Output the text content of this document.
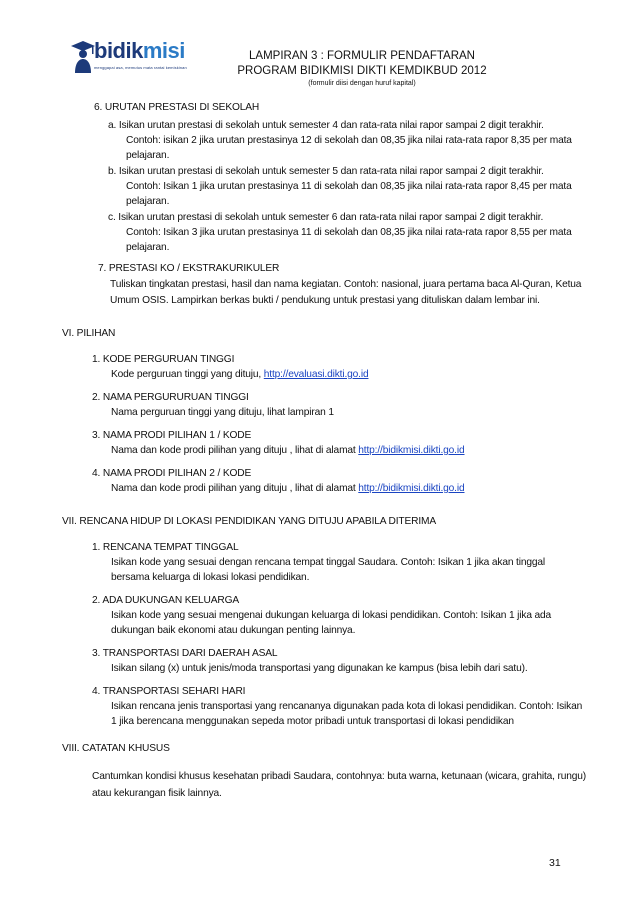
bidikmisi
menggapai asa, memutus mata rantai kemiskinan
LAMPIRAN 3 : FORMULIR PENDAFTARAN
PROGRAM BIDIKMISI DIKTI KEMDIKBUD 2012
(formulir diisi dengan huruf kapital)
6. URUTAN PRESTASI DI SEKOLAH
a. Isikan urutan prestasi di sekolah untuk semester 4 dan rata-rata nilai rapor sampai 2 digit terakhir.
Contoh: isikan 2 jika urutan prestasinya 12 di sekolah dan 08,35 jika nilai rata-rata rapor 8,35 per mata
pelajaran.
b. Isikan urutan prestasi di sekolah untuk semester 5 dan rata-rata nilai rapor sampai 2 digit terakhir.
Contoh: Isikan 1 jika urutan prestasinya 11 di sekolah dan 08,35 jika nilai rata-rata rapor 8,45 per mata
pelajaran.
c. Isikan urutan prestasi di sekolah untuk semester 6 dan rata-rata nilai rapor sampai 2 digit terakhir.
Contoh: Isikan 3 jika urutan prestasinya 11 di sekolah dan 08,35 jika nilai rata-rata rapor 8,55 per mata
pelajaran.
7. PRESTASI KO / EKSTRAKURIKULER
Tuliskan tingkatan prestasi, hasil dan nama kegiatan. Contoh: nasional, juara pertama baca Al-Quran, Ketua
Umum OSIS. Lampirkan berkas bukti / pendukung untuk prestasi yang dituliskan dalam lembar ini.
VI. PILIHAN
1. KODE PERGURUAN TINGGI
Kode perguruan tinggi yang dituju, http://evaluasi.dikti.go.id
2. NAMA PERGURURUAN TINGGI
Nama perguruan tinggi yang dituju, lihat lampiran 1
3. NAMA PRODI PILIHAN 1 / KODE
Nama dan kode prodi pilihan yang dituju , lihat di alamat http://bidikmisi.dikti.go.id
4. NAMA PRODI PILIHAN 2 / KODE
Nama dan kode prodi pilihan yang dituju , lihat di alamat http://bidikmisi.dikti.go.id
VII. RENCANA HIDUP DI LOKASI PENDIDIKAN YANG DITUJU APABILA DITERIMA
1. RENCANA TEMPAT TINGGAL
Isikan kode yang sesuai dengan rencana tempat tinggal Saudara. Contoh: Isikan 1 jika akan tinggal
bersama keluarga di lokasi lokasi pendidikan.
2. ADA DUKUNGAN KELUARGA
Isikan kode yang sesuai mengenai dukungan keluarga di lokasi pendidikan. Contoh: Isikan 1 jika ada
dukungan baik ekonomi atau dukungan penting lainnya.
3. TRANSPORTASI DARI DAERAH ASAL
Isikan silang (x) untuk jenis/moda transportasi yang digunakan ke kampus (bisa lebih dari satu).
4. TRANSPORTASI SEHARI HARI
Isikan rencana jenis transportasi yang rencananya digunakan pada kota di lokasi pendidikan. Contoh: Isikan
1 jika berencana menggunakan sepeda motor pribadi untuk transportasi di lokasi pendidikan
VIII. CATATAN KHUSUS
Cantumkan kondisi khusus kesehatan pribadi Saudara, contohnya: buta warna, ketunaan (wicara, grahita, rungu)
atau kekurangan fisik lainnya.
31
